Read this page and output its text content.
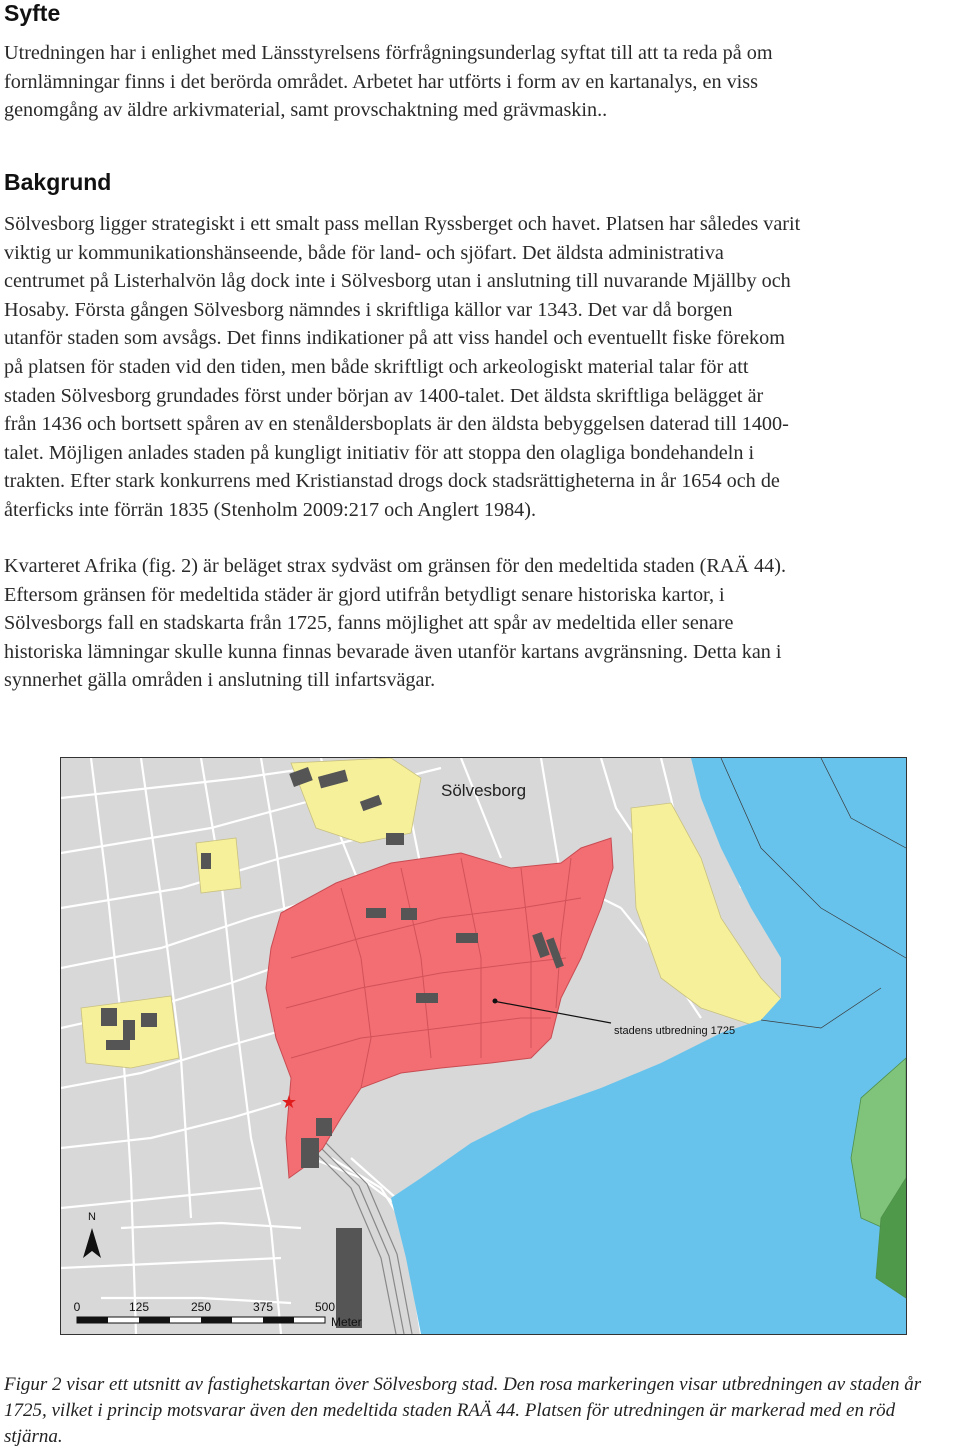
Syfte
Utredningen har i enlighet med Länsstyrelsens förfrågningsunderlag syftat till att ta reda på om
fornlämningar finns i det berörda området. Arbetet har utförts i form av en kartanalys, en viss
genomgång av äldre arkivmaterial, samt provschaktning med grävmaskin..
Bakgrund
Sölvesborg ligger strategiskt i ett smalt pass mellan Ryssberget och havet. Platsen har således varit
viktig ur kommunikationshänseende, både för land- och sjöfart. Det äldsta administrativa
centrumet på Listerhalvön låg dock inte i Sölvesborg utan i anslutning till nuvarande Mjällby och
Hosaby. Första gången Sölvesborg nämndes i skriftliga källor var 1343. Det var då borgen
utanför staden som avsågs. Det finns indikationer på att viss handel och eventuellt fiske förekom
på platsen för staden vid den tiden, men både skriftligt och arkeologiskt material talar för att
staden Sölvesborg grundades först under början av 1400-talet. Det äldsta skriftliga belägget är
från 1436 och bortsett spåren av en stenåldersboplats är den äldsta bebyggelsen daterad till 1400-
talet. Möjligen anlades staden på kungligt initiativ för att stoppa den olagliga bondehandeln i
trakten. Efter stark konkurrens med Kristianstad drogs dock stadsrättigheterna in år 1654 och de
återficks inte förrän 1835 (Stenholm 2009:217 och Anglert 1984).
Kvarteret Afrika (fig. 2) är beläget strax sydväst om gränsen för den medeltida staden (RAÄ 44).
Eftersom gränsen för medeltida städer är gjord utifrån betydligt senare historiska kartor, i
Sölvesborgs fall en stadskarta från 1725, fanns möjlighet att spår av medeltida eller senare
historiska lämningar skulle kunna finnas bevarade även utanför kartans avgränsning. Detta kan i
synnerhet gälla områden i anslutning till infartsvägar.
★
Sölvesborg
stadens utbredning 1725
N
0	125	250	375	500
Meter
Figur 2 visar ett utsnitt av fastighetskartan över Sölvesborg stad. Den rosa markeringen visar utbredningen av staden år
1725, vilket i princip motsvarar även den medeltida staden RAÄ 44. Platsen för utredningen är markerad med en röd
stjärna.
